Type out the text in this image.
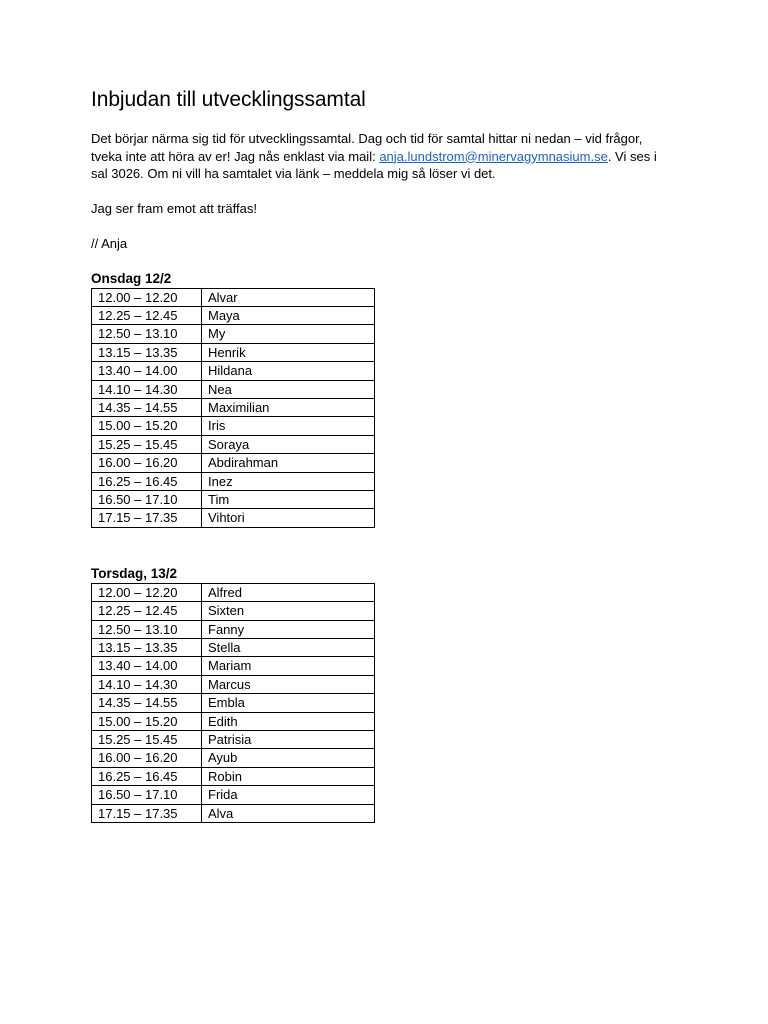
Inbjudan till utvecklingssamtal

Det börjar närma sig tid för utvecklingssamtal. Dag och tid för samtal hittar ni nedan – vid frågor, tveka inte att höra av er! Jag nås enklast via mail: anja.lundstrom@minervagymnasium.se. Vi ses i sal 3026. Om ni vill ha samtalet via länk – meddela mig så löser vi det.

Jag ser fram emot att träffas!

// Anja

Onsdag 12/2
12.00 – 12.20	Alvar
12.25 – 12.45	Maya
12.50 – 13.10	My
13.15 – 13.35	Henrik
13.40 – 14.00	Hildana
14.10 – 14.30	Nea
14.35 – 14.55	Maximilian
15.00 – 15.20	Iris
15.25 – 15.45	Soraya
16.00 – 16.20	Abdirahman
16.25 – 16.45	Inez
16.50 – 17.10	Tim
17.15 – 17.35	Vihtori
Torsdag, 13/2
12.00 – 12.20	Alfred
12.25 – 12.45	Sixten
12.50 – 13.10	Fanny
13.15 – 13.35	Stella
13.40 – 14.00	Mariam
14.10 – 14.30	Marcus
14.35 – 14.55	Embla
15.00 – 15.20	Edith
15.25 – 15.45	Patrisia
16.00 – 16.20	Ayub
16.25 – 16.45	Robin
16.50 – 17.10	Frida
17.15 – 17.35	Alva
